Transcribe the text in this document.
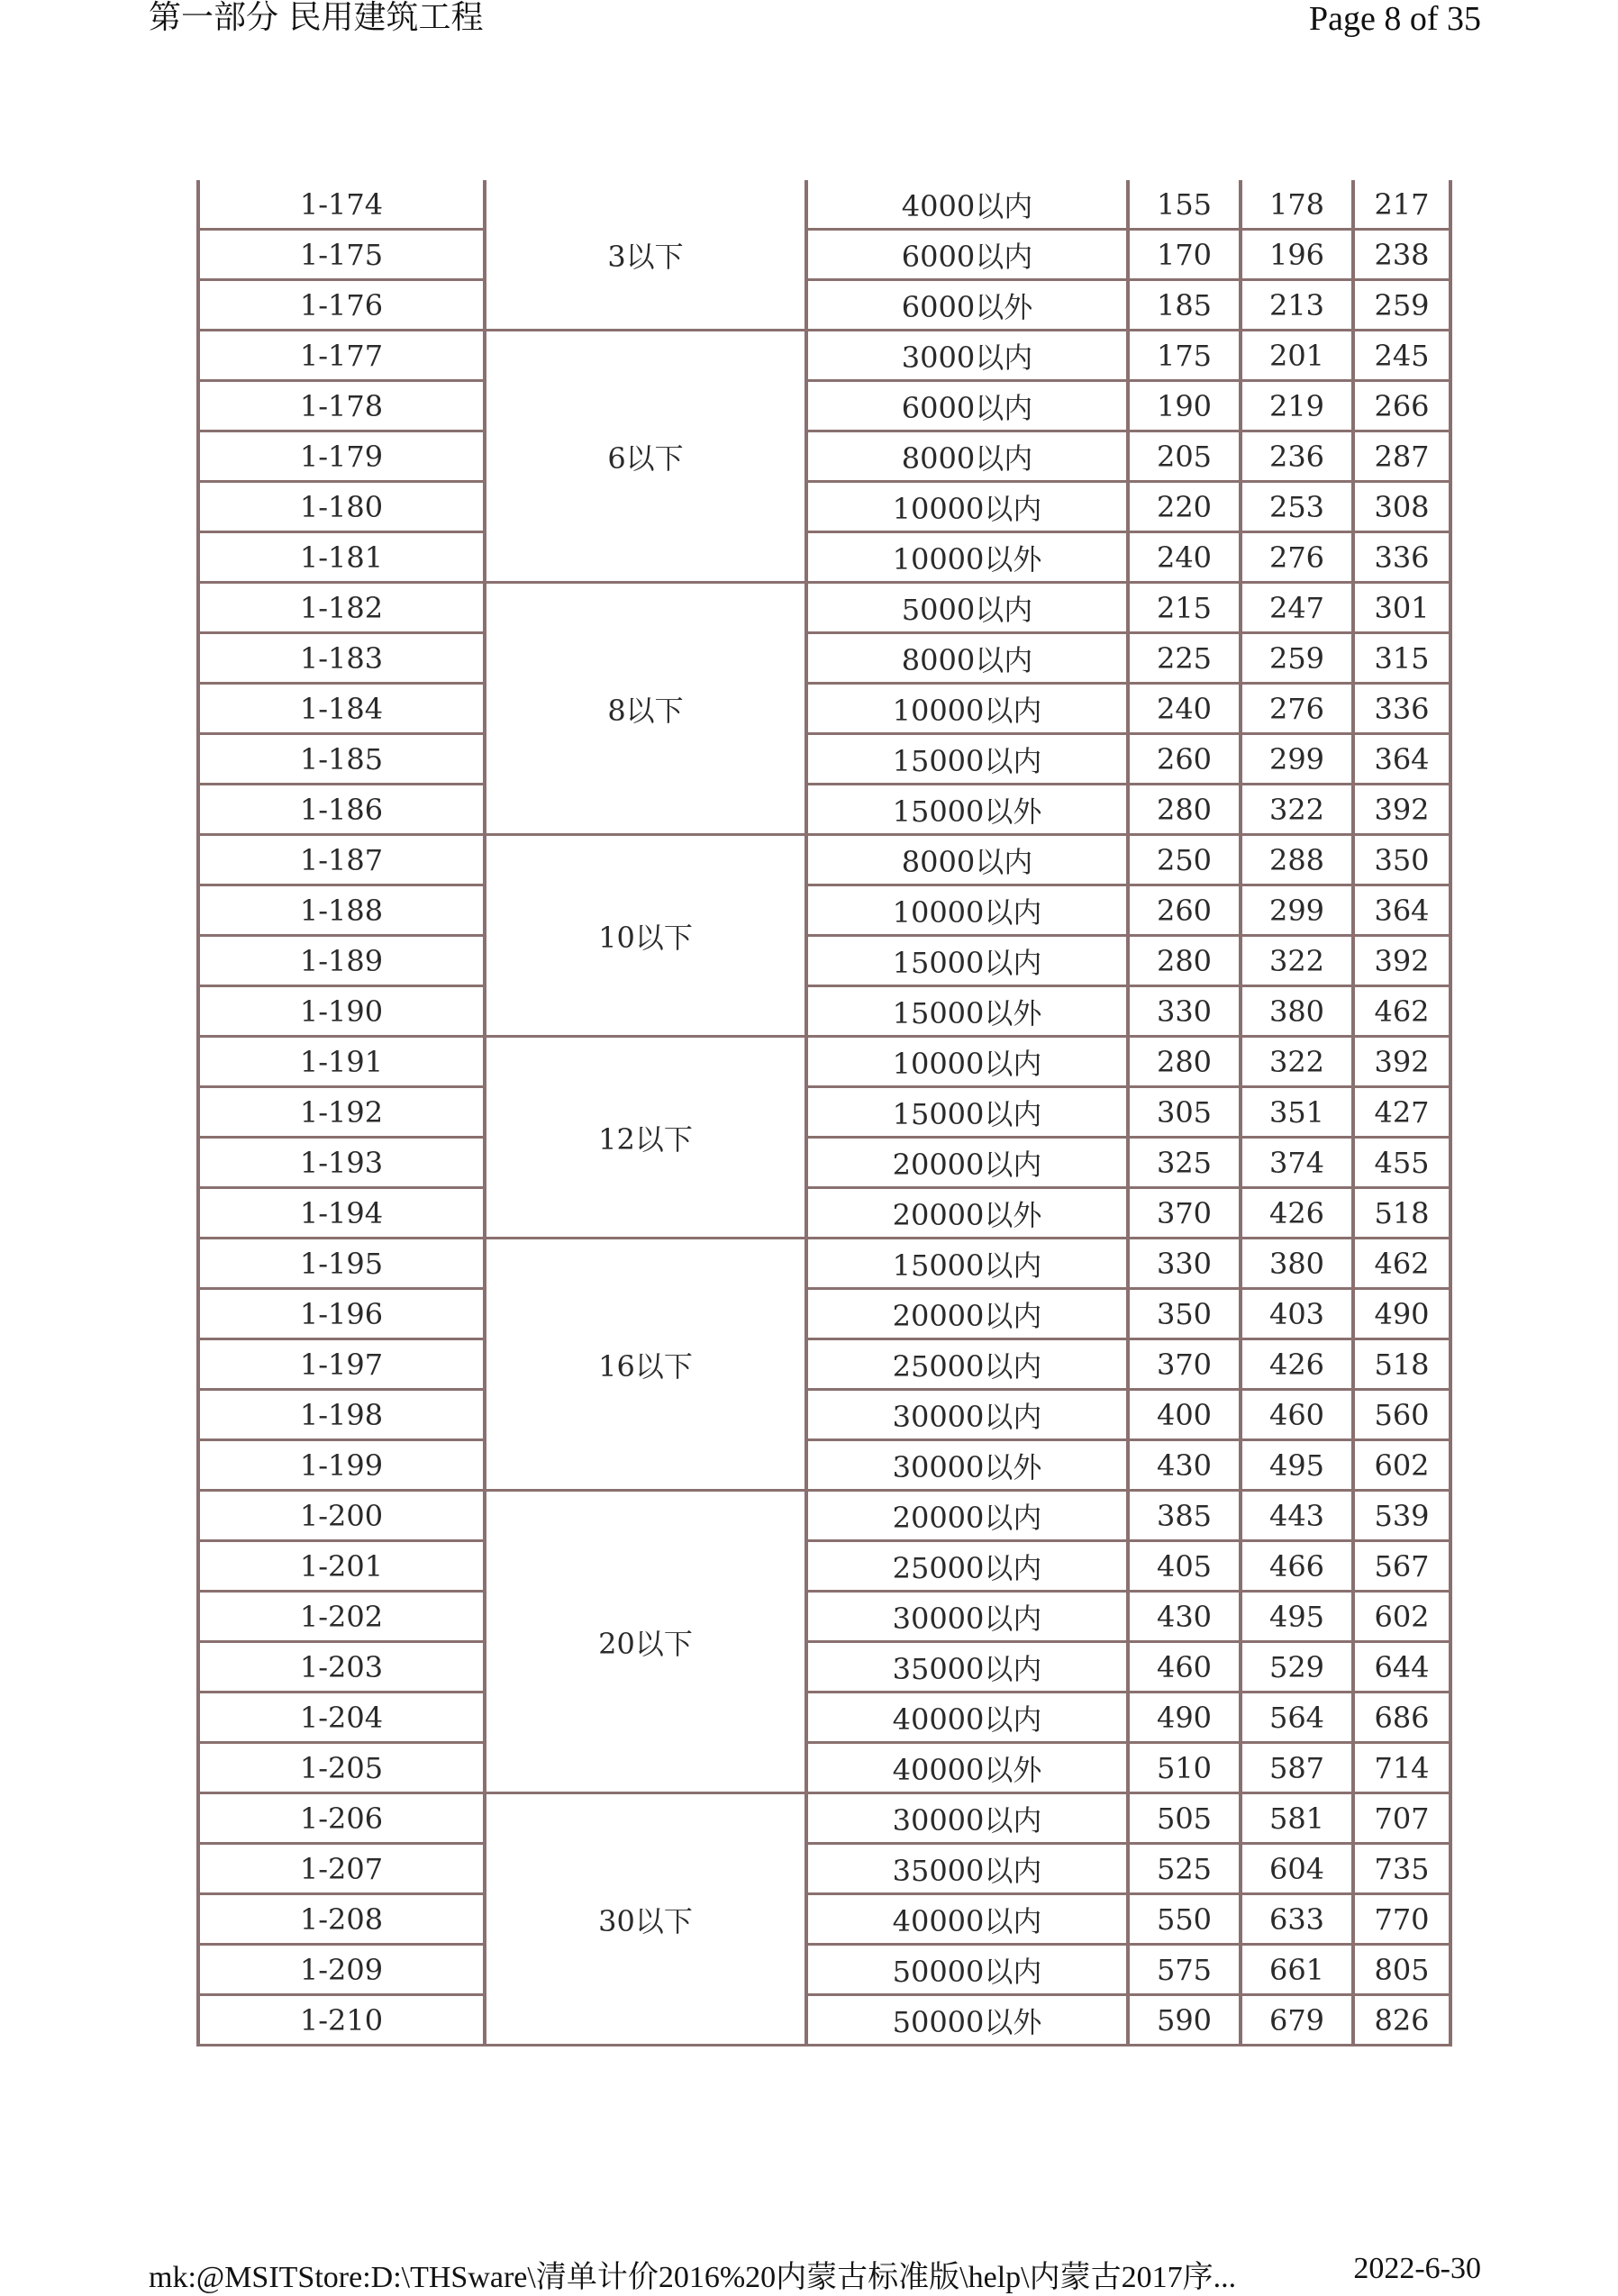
第一部分 民用建筑工程	Page 8 of 35
1-174	3以下	4000以内	155	178	217
1-175		6000以内	170	196	238
1-176		6000以外	185	213	259
1-177	6以下	3000以内	175	201	245
1-178		6000以内	190	219	266
1-179		8000以内	205	236	287
1-180		10000以内	220	253	308
1-181		10000以外	240	276	336
1-182	8以下	5000以内	215	247	301
1-183		8000以内	225	259	315
1-184		10000以内	240	276	336
1-185		15000以内	260	299	364
1-186		15000以外	280	322	392
1-187	10以下	8000以内	250	288	350
1-188		10000以内	260	299	364
1-189		15000以内	280	322	392
1-190		15000以外	330	380	462
1-191	12以下	10000以内	280	322	392
1-192		15000以内	305	351	427
1-193		20000以内	325	374	455
1-194		20000以外	370	426	518
1-195	16以下	15000以内	330	380	462
1-196		20000以内	350	403	490
1-197		25000以内	370	426	518
1-198		30000以内	400	460	560
1-199		30000以外	430	495	602
1-200	20以下	20000以内	385	443	539
1-201		25000以内	405	466	567
1-202		30000以内	430	495	602
1-203		35000以内	460	529	644
1-204		40000以内	490	564	686
1-205		40000以外	510	587	714
1-206	30以下	30000以内	505	581	707
1-207		35000以内	525	604	735
1-208		40000以内	550	633	770
1-209		50000以内	575	661	805
1-210		50000以外	590	679	826
mk:@MSITStore:D:\THSware\清单计价2016%20内蒙古标准版\help\内蒙古2017序...	2022-6-30
